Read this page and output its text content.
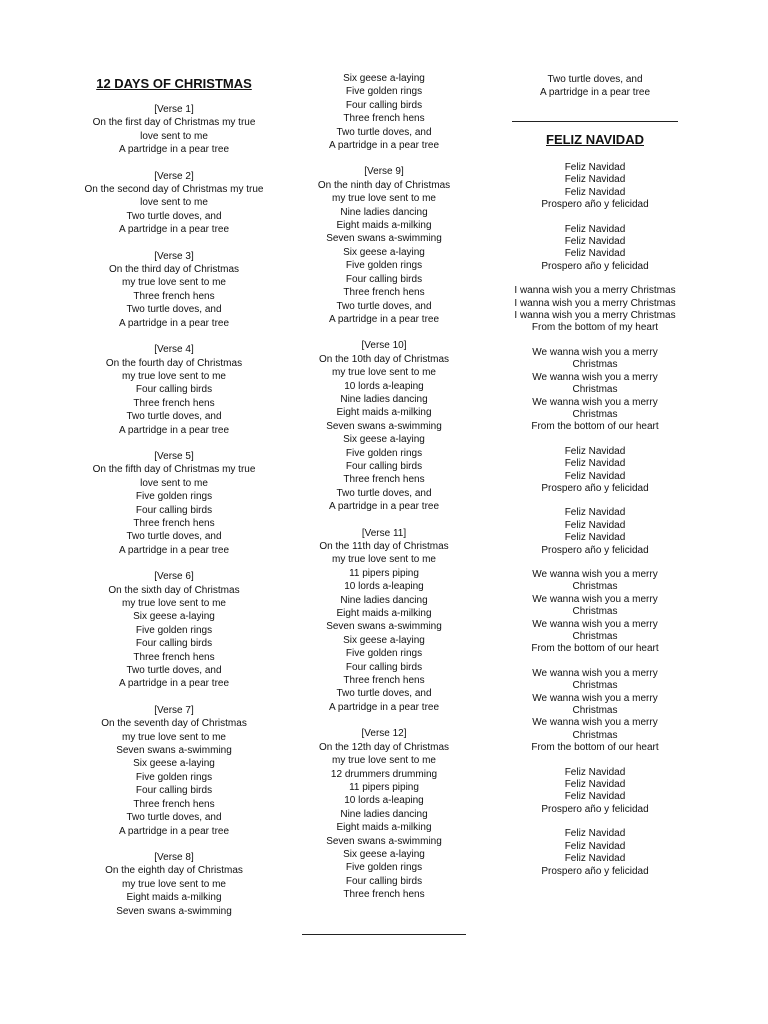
12 DAYS OF CHRISTMAS
[Verse 1]
On the first day of Christmas my true love sent to me
A partridge in a pear tree
[Verse 2]
On the second day of Christmas my true love sent to me
Two turtle doves, and
A partridge in a pear tree
[Verse 3]
On the third day of Christmas
my true love sent to me
Three french hens
Two turtle doves, and
A partridge in a pear tree
[Verse 4]
On the fourth day of Christmas
my true love sent to me
Four calling birds
Three french hens
Two turtle doves, and
A partridge in a pear tree
[Verse 5]
On the fifth day of Christmas my true love sent to me
Five golden rings
Four calling birds
Three french hens
Two turtle doves, and
A partridge in a pear tree
[Verse 6]
On the sixth day of Christmas
my true love sent to me
Six geese a-laying
Five golden rings
Four calling birds
Three french hens
Two turtle doves, and
A partridge in a pear tree
[Verse 7]
On the seventh day of Christmas
my true love sent to me
Seven swans a-swimming
Six geese a-laying
Five golden rings
Four calling birds
Three french hens
Two turtle doves, and
A partridge in a pear tree
[Verse 8]
On the eighth day of Christmas
my true love sent to me
Eight maids a-milking
Seven swans a-swimming
Six geese a-laying
Five golden rings
Four calling birds
Three french hens
Two turtle doves, and
A partridge in a pear tree
[Verse 9]
On the ninth day of Christmas
my true love sent to me
Nine ladies dancing
Eight maids a-milking
Seven swans a-swimming
Six geese a-laying
Five golden rings
Four calling birds
Three french hens
Two turtle doves, and
A partridge in a pear tree
[Verse 10]
On the 10th day of Christmas
my true love sent to me
10 lords a-leaping
Nine ladies dancing
Eight maids a-milking
Seven swans a-swimming
Six geese a-laying
Five golden rings
Four calling birds
Three french hens
Two turtle doves, and
A partridge in a pear tree
[Verse 11]
On the 11th day of Christmas
my true love sent to me
11 pipers piping
10 lords a-leaping
Nine ladies dancing
Eight maids a-milking
Seven swans a-swimming
Six geese a-laying
Five golden rings
Four calling birds
Three french hens
Two turtle doves, and
A partridge in a pear tree
[Verse 12]
On the 12th day of Christmas
my true love sent to me
12 drummers drumming
11 pipers piping
10 lords a-leaping
Nine ladies dancing
Eight maids a-milking
Seven swans a-swimming
Six geese a-laying
Five golden rings
Four calling birds
Three french hens
Two turtle doves, and
A partridge in a pear tree
FELIZ NAVIDAD
Feliz Navidad
Feliz Navidad
Feliz Navidad
Prospero año y felicidad
Feliz Navidad
Feliz Navidad
Feliz Navidad
Prospero año y felicidad
I wanna wish you a merry Christmas
I wanna wish you a merry Christmas
I wanna wish you a merry Christmas
From the bottom of my heart
We wanna wish you a merry Christmas
We wanna wish you a merry Christmas
We wanna wish you a merry Christmas
From the bottom of our heart
Feliz Navidad
Feliz Navidad
Feliz Navidad
Prospero año y felicidad
Feliz Navidad
Feliz Navidad
Feliz Navidad
Prospero año y felicidad
We wanna wish you a merry Christmas
We wanna wish you a merry Christmas
We wanna wish you a merry Christmas
From the bottom of our heart
We wanna wish you a merry Christmas
We wanna wish you a merry Christmas
We wanna wish you a merry Christmas
From the bottom of our heart
Feliz Navidad
Feliz Navidad
Feliz Navidad
Prospero año y felicidad
Feliz Navidad
Feliz Navidad
Feliz Navidad
Prospero año y felicidad
